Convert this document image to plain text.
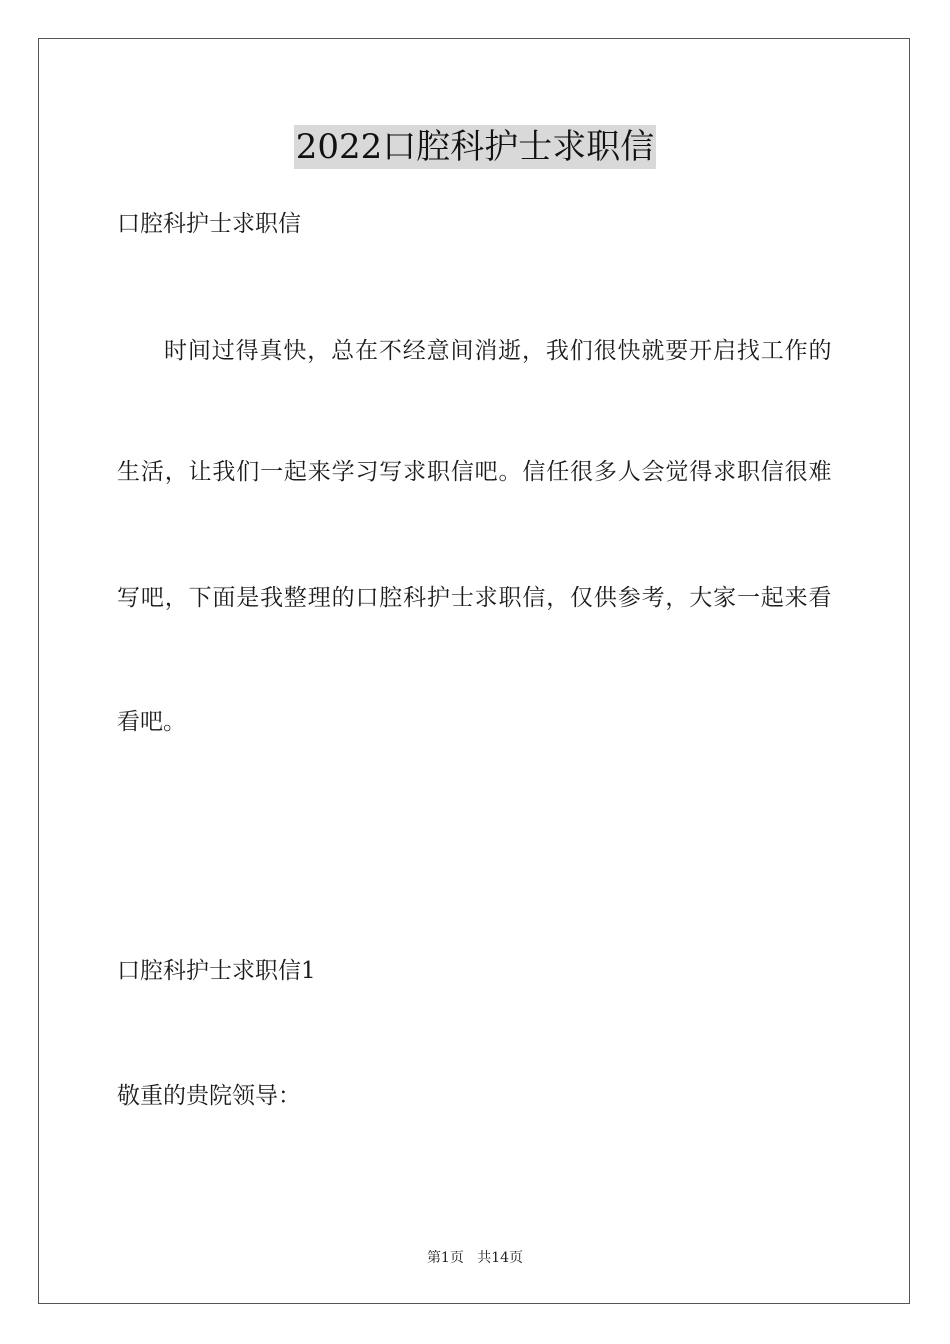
2022口腔科护士求职信
口腔科护士求职信
时间过得真快，总在不经意间消逝，我们很快就要开启找工作的
生活，让我们一起来学习写求职信吧。信任很多人会觉得求职信很难
写吧，下面是我整理的口腔科护士求职信，仅供参考，大家一起来看
看吧。
口腔科护士求职信1
敬重的贵院领导：
第1页 共14页
